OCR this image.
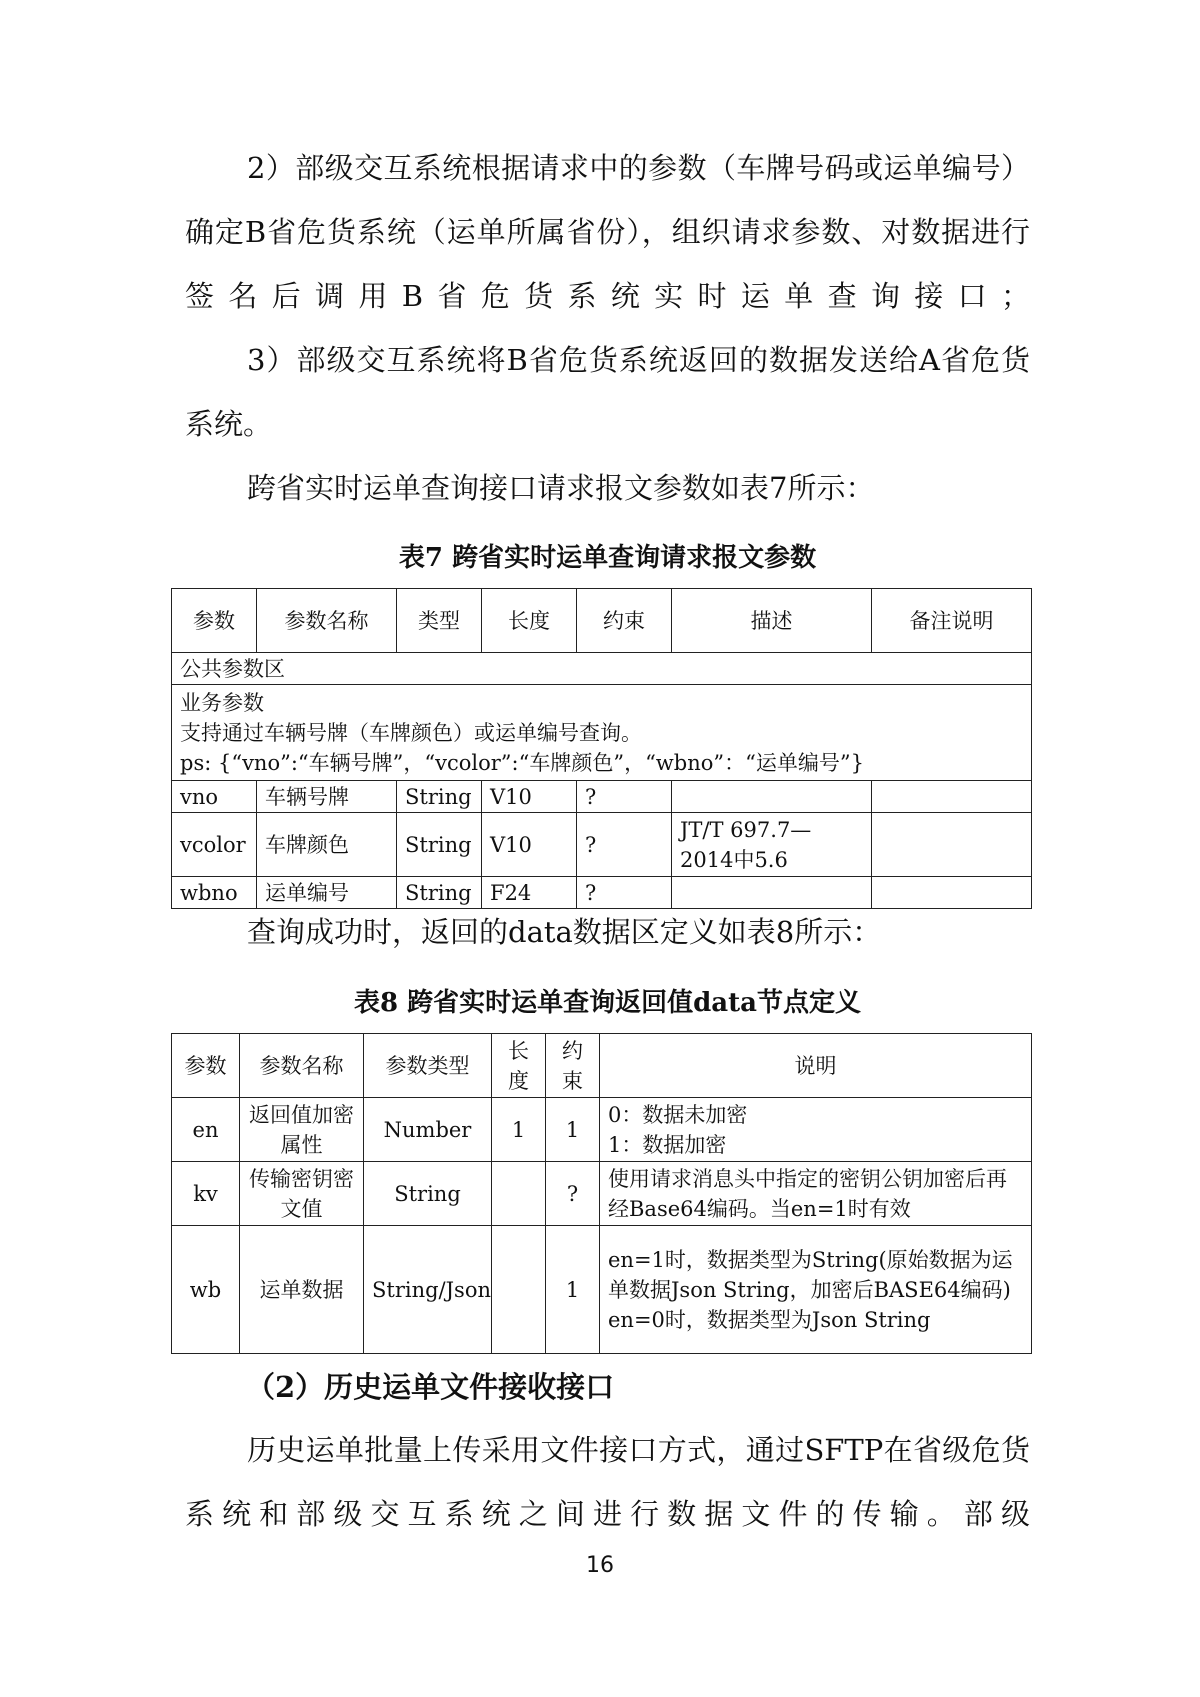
2）部级交互系统根据请求中的参数（车牌号码或运单编号）确定B省危货系统（运单所属省份），组织请求参数、对数据进行签名后调用B省危货系统实时运单查询接口；

3）部级交互系统将B省危货系统返回的数据发送给A省危货系统。

跨省实时运单查询接口请求报文参数如表7所示：

表7 跨省实时运单查询请求报文参数

参数	参数名称	类型	长度	约束	描述	备注说明
公共参数区						

业务参数
支持通过车辆号牌（车牌颜色）或运单编号查询。
ps: {“vno”:“车辆号牌”，“vcolor”:“车牌颜色”，“wbno”：“运单编号”}						

vno	车辆号牌	String	V10	?		
vcolor	车牌颜色	String	V10	?	JT/T 697.7—2014中5.6	
wbno	运单编号	String	F24	?		

查询成功时，返回的data数据区定义如表8所示：

表8 跨省实时运单查询返回值data节点定义

参数	参数名称	参数类型	长度	约束	说明
en	返回值加密属性	Number	1	1	0：数据未加密
1：数据加密

kv	传输密钥密文值	String		?	使用请求消息头中指定的密钥公钥加密后再经Base64编码。当en=1时有效

wb	运单数据	String/Json		1	en=1时，数据类型为String(原始数据为运单数据Json String，加密后BASE64编码)
en=0时，数据类型为Json String

（2）历史运单文件接收接口

历史运单批量上传采用文件接口方式，通过SFTP在省级危货系统和部级交互系统之间进行数据文件的传输。部级

16
